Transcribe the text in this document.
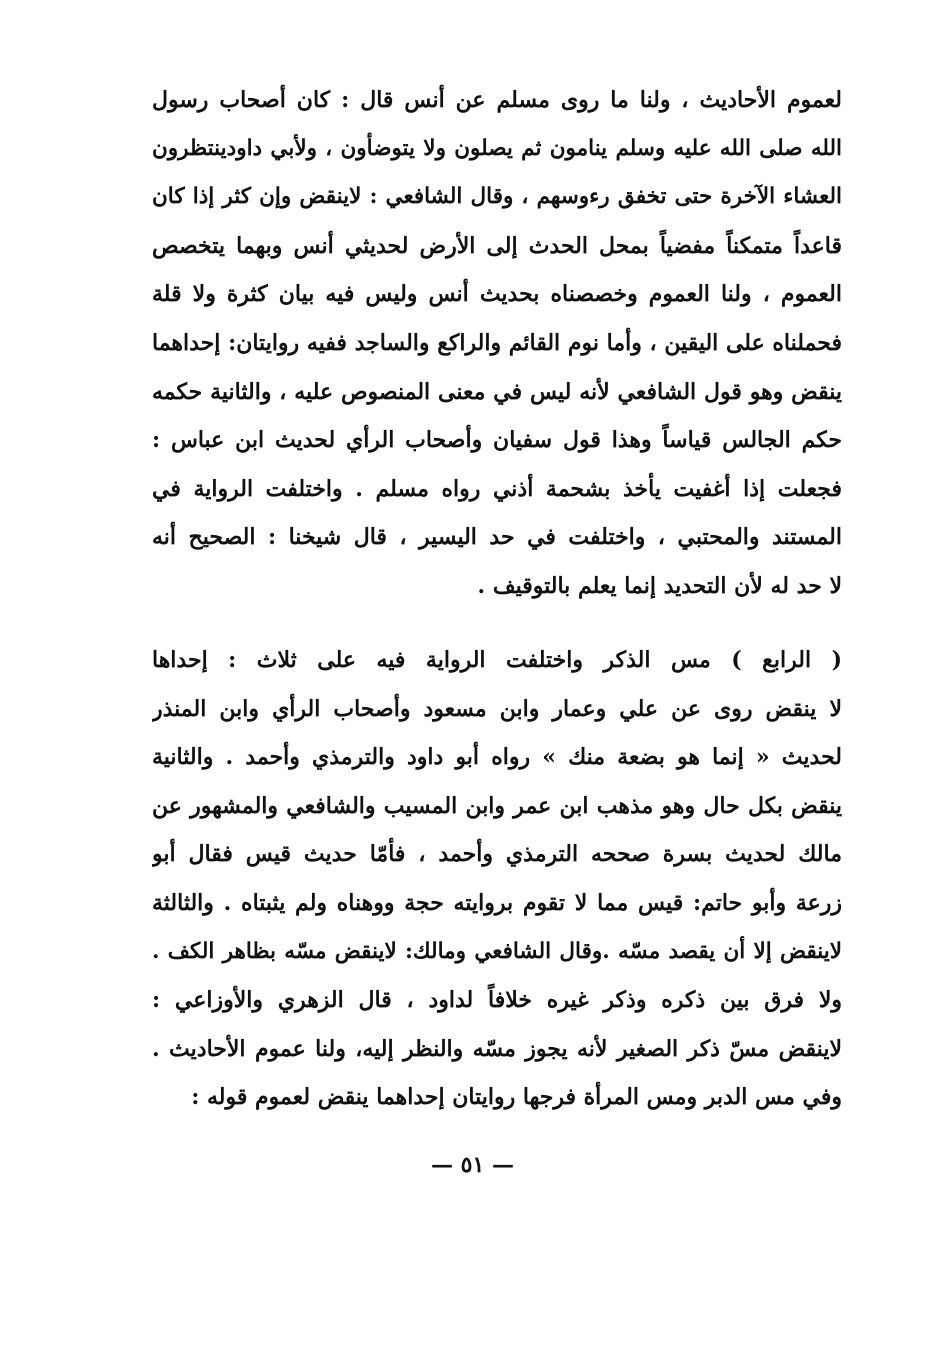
لعموم الأحاديث ، ولنا ما روى مسلم عن أنس قال : كان أصحاب رسول
الله صلى الله عليه وسلم ينامون ثم يصلون ولا يتوضأون ، ولأبي داودينتظرون
العشاء الآخرة حتى تخفق رءوسهم ، وقال الشافعي : لاينقض وإن كثر إذا كان
قاعداً متمكناً مفضياً بمحل الحدث إلى الأرض لحديثي أنس وبهما يتخصص
العموم ، ولنا العموم وخصصناه بحديث أنس وليس فيه بيان كثرة ولا قلة
فحملناه على اليقين ، وأما نوم القائم والراكع والساجد ففيه روايتان: إحداهما
ينقض وهو قول الشافعي لأنه ليس في معنى المنصوص عليه ، والثانية حكمه
حكم الجالس قياساً وهذا قول سفيان وأصحاب الرأي لحديث ابن عباس :
فجعلت إذا أغفيت يأخذ بشحمة أذني رواه مسلم . واختلفت الرواية في
المستند والمحتبي ، واختلفت في حد اليسير ، قال شيخنا : الصحيح أنه
لا حد له لأن التحديد إنما يعلم بالتوقيف .
( الرابع ) مس الذكر واختلفت الرواية فيه على ثلاث : إحداها
لا ينقض روى عن علي وعمار وابن مسعود وأصحاب الرأي وابن المنذر
لحديث « إنما هو بضعة منك » رواه أبو داود والترمذي وأحمد . والثانية
ينقض بكل حال وهو مذهب ابن عمر وابن المسيب والشافعي والمشهور عن
مالك لحديث بسرة صححه الترمذي وأحمد ، فأمّا حديث قيس فقال أبو
زرعة وأبو حاتم: قيس مما لا تقوم بروايته حجة ووهناه ولم يثبتاه . والثالثة
لاينقض إلا أن يقصد مسّه .وقال الشافعي ومالك: لاينقض مسّه بظاهر الكف .
ولا فرق بين ذكره وذكر غيره خلافاً لداود ، قال الزهري والأوزاعي :
لاينقض مسّ ذكر الصغير لأنه يجوز مسّه والنظر إليه، ولنا عموم الأحاديث .
وفي مس الدبر ومس المرأة فرجها روايتان إحداهما ينقض لعموم قوله :
— ٥١ —
